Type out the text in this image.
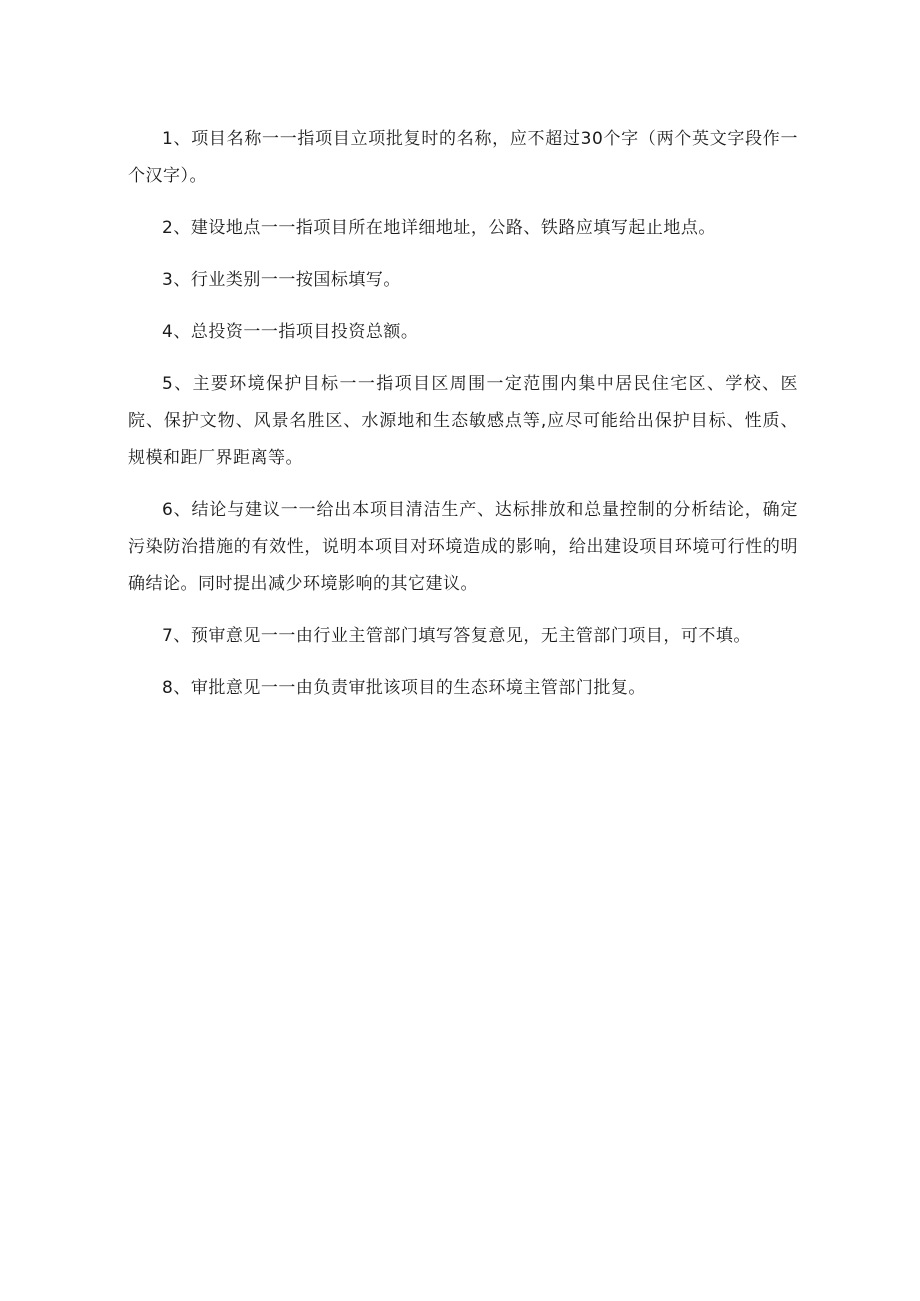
1、项目名称一一指项目立项批复时的名称，应不超过30个字（两个英文字段作一个汉字）。

2、建设地点一一指项目所在地详细地址，公路、铁路应填写起止地点。

3、行业类别一一按国标填写。

4、总投资一一指项目投资总额。

5、主要环境保护目标一一指项目区周围一定范围内集中居民住宅区、学校、医院、保护文物、风景名胜区、水源地和生态敏感点等,应尽可能给出保护目标、性质、规模和距厂界距离等。

6、结论与建议一一给出本项目清洁生产、达标排放和总量控制的分析结论，确定污染防治措施的有效性，说明本项目对环境造成的影响，给出建设项目环境可行性的明确结论。同时提出减少环境影响的其它建议。

7、预审意见一一由行业主管部门填写答复意见，无主管部门项目，可不填。

8、审批意见一一由负责审批该项目的生态环境主管部门批复。
